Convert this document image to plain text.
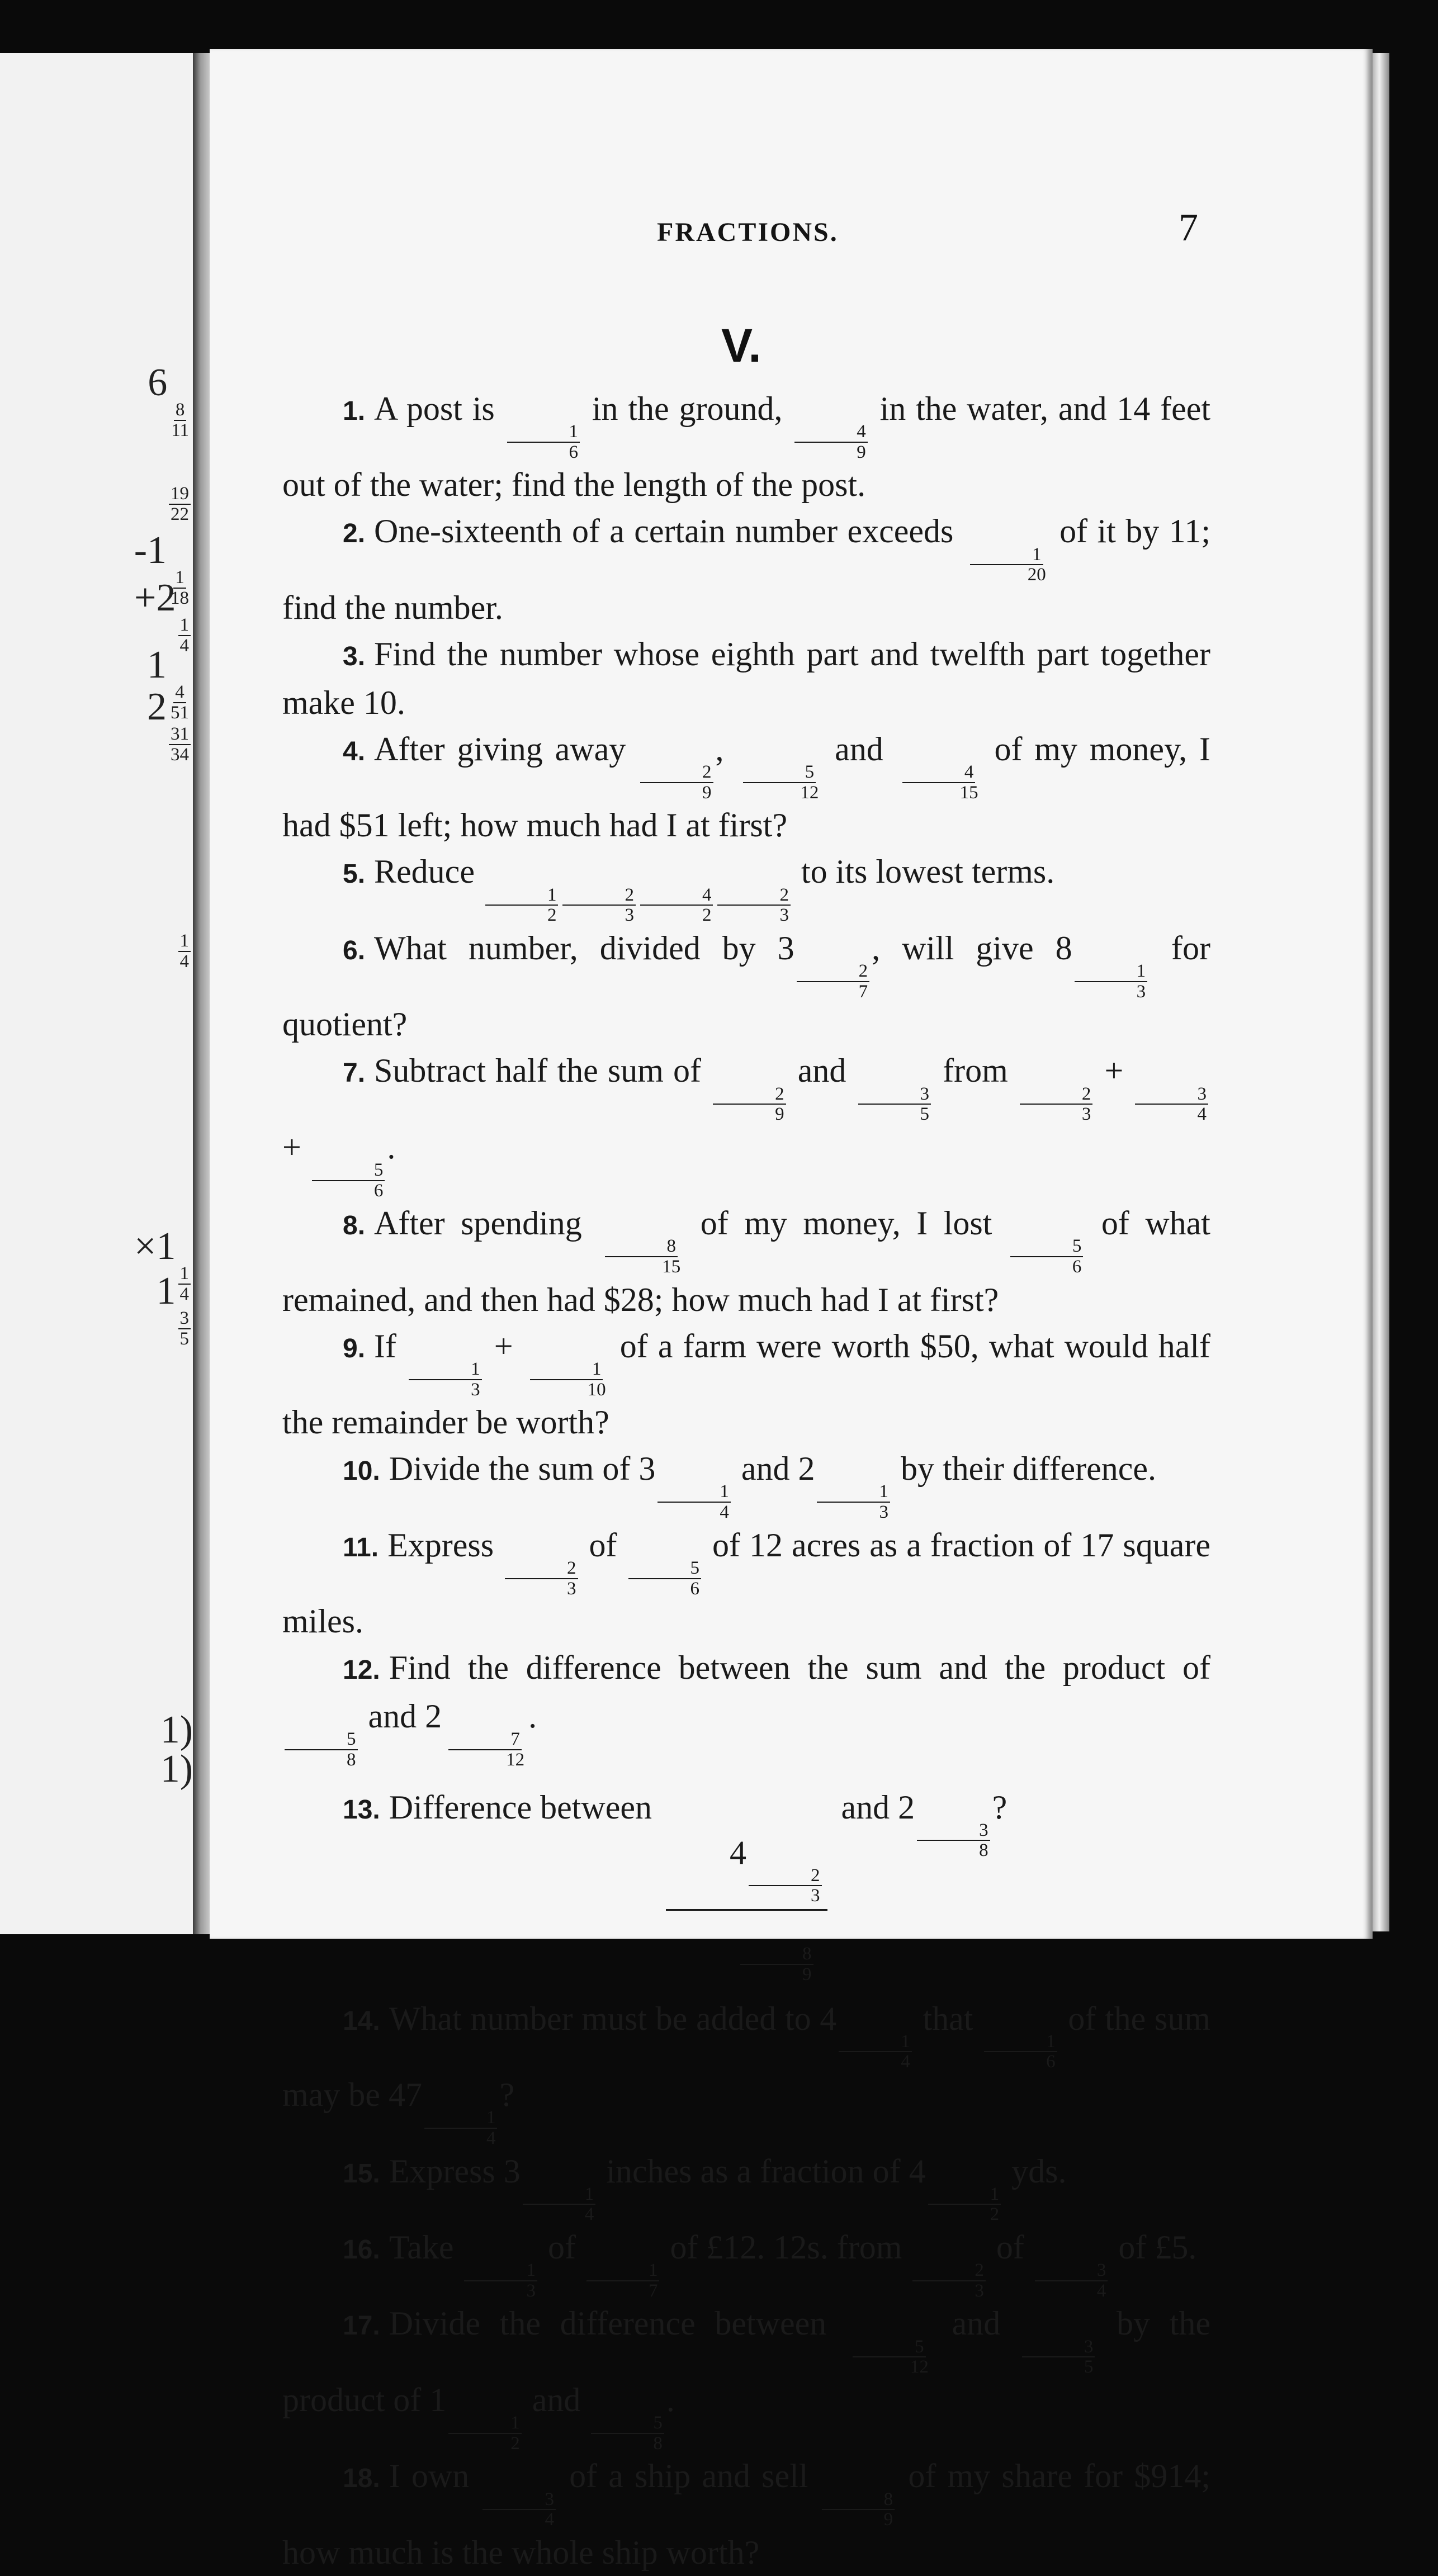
6
$\frac{8}{11}$
$\frac{19}{22}$
-1
$\frac{1}{18}$
+2
$\frac{1}{4}$
1
$\frac{4}{51}$
2
$\frac{31}{34}$
$\frac{1}{4}$
×1
$\frac{1}{4}$
1
$\frac{3}{5}$
1)
1)
FRACTIONS.	7
V.

1. A post is
$\frac{1}{6}$
in the ground,
$\frac{4}{9}$
in the water, and 14 feet out of the water; find the length of the post.

2. One-sixteenth of a certain number exceeds
$\frac{1}{20}$
of it by 11; find the number.

3. Find the number whose eighth part and twelfth part together make 10.

4. After giving away
$\frac{2}{9}$
,
$\frac{5}{12}$
and
$\frac{4}{15}$
of my money, I had $51 left; how much had I at first?

5. Reduce
$\frac{1}{2} \frac{2}{3} \frac{4}{2} \frac{2}{3}$
to its lowest terms.

6. What number, divided by 3
$\frac{2}{7}$
, will give 8
$\frac{1}{3}$
for quotient?

7. Subtract half the sum of
$\frac{2}{9}$
and
$\frac{3}{5}$
from
$\frac{2}{3}$
+
$\frac{3}{4}$
+
$\frac{5}{6}$
.

8. After spending
$\frac{8}{15}$
of my money, I lost
$\frac{5}{6}$
of what remained, and then had $28; how much had I at first?

9. If
$\frac{1}{3}$
+
$\frac{1}{10}$
of a farm were worth $50, what would half the remainder be worth?

10. Divide the sum of 3
$\frac{1}{4}$
and 2
$\frac{1}{3}$
by their difference.

11. Express
$\frac{2}{3}$
of
$\frac{5}{6}$
of 12 acres as a fraction of 17 square miles.

12. Find the difference between the sum and the product of
$\frac{5}{8}$
and 2
$\frac{7}{12}$
.

13. Difference between
4
$\frac{2}{3}$
$\frac{8}{9}$
and 2
$\frac{3}{8}$
?

14. What number must be added to 4
$\frac{1}{4}$
that
$\frac{1}{6}$
of the sum may be 47
$\frac{1}{4}$
?

15. Express 3
$\frac{1}{4}$
inches as a fraction of 4
$\frac{1}{2}$
yds.

16. Take
$\frac{1}{3}$
of
$\frac{1}{7}$
of £12. 12s. from
$\frac{2}{3}$
of
$\frac{3}{4}$
of £5.

17. Divide the difference between
$\frac{5}{12}$
and
$\frac{3}{5}$
by the product of 1
$\frac{1}{2}$
and
$\frac{5}{8}$
.

18. I own
$\frac{3}{4}$
of a ship and sell
$\frac{8}{9}$
of my share for $914; how much is the whole ship worth?
